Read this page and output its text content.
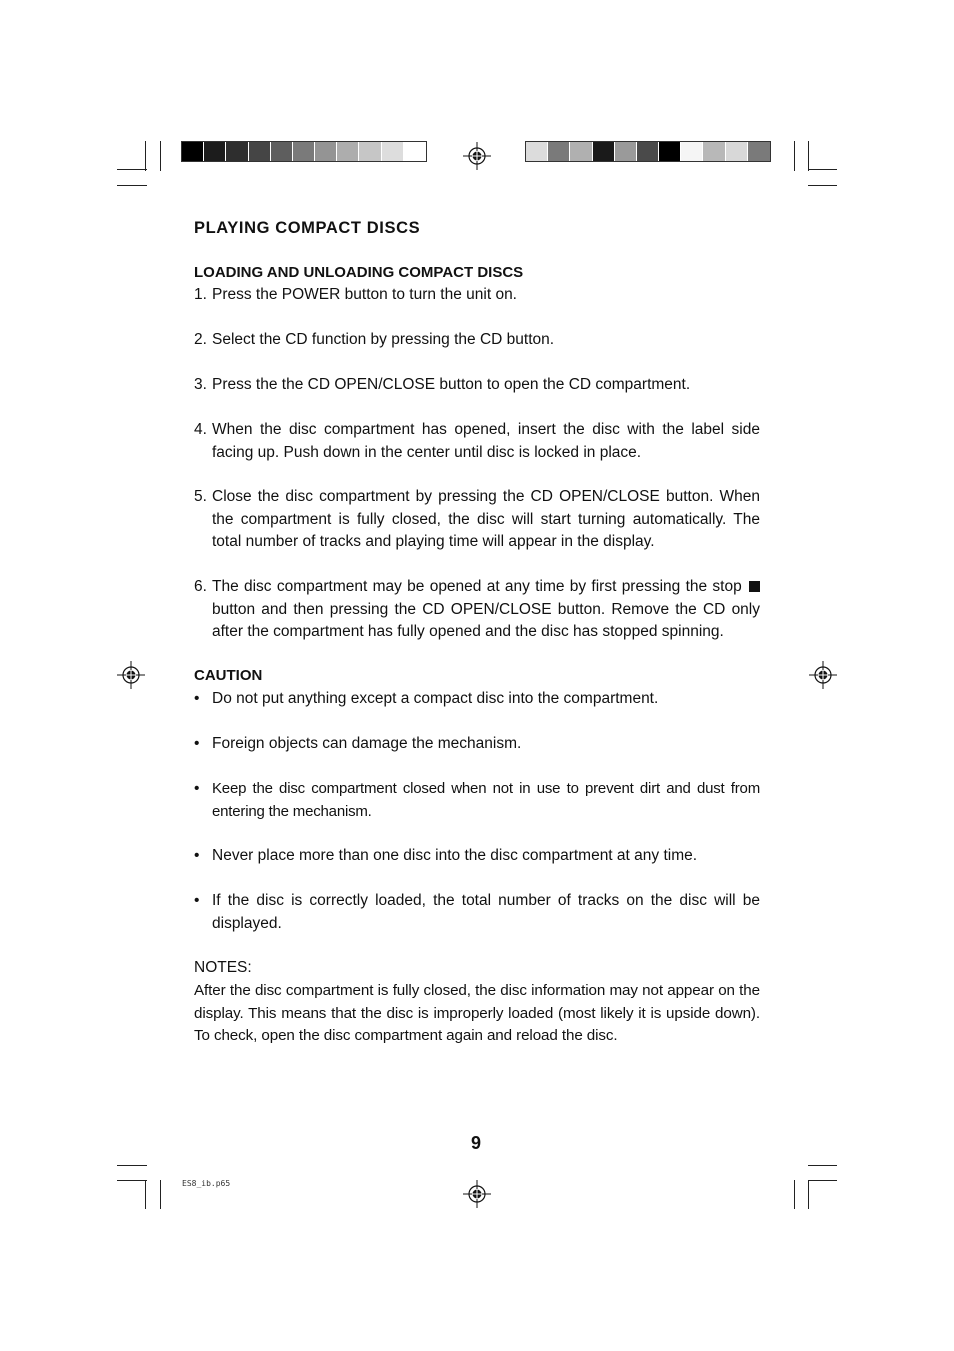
PLAYING COMPACT DISCS
LOADING AND UNLOADING COMPACT DISCS
1. Press the POWER button to turn the unit on.
2. Select the CD function by pressing the CD button.
3. Press the the CD OPEN/CLOSE button to open the CD compartment.
4. When the disc compartment has opened, insert the disc with the label side facing up. Push down in the center until disc is locked in place.
5. Close the disc compartment by pressing the CD OPEN/CLOSE button. When the compartment is fully closed, the disc will start turning automatically. The total number of tracks and playing time will appear in the display.
6. The disc compartment may be opened at any time by first pressing the stop  button and then pressing the CD OPEN/CLOSE button. Remove the CD only after the compartment has fully opened and the disc has stopped spinning.
CAUTION
• Do not put anything except a compact disc into the compartment.
• Foreign objects can damage the mechanism.
• Keep the disc compartment closed when not in use to prevent dirt and dust from entering the mechanism.
• Never place more than one disc into the disc compartment at any time.
• If the disc is correctly loaded, the total number of tracks on the disc will be displayed.
NOTES:
After the disc compartment is fully closed, the disc information may not appear on the display. This means that the disc is improperly loaded (most likely it is upside down). To check, open the disc compartment again and reload the disc.
9
ES8_ib.p65
